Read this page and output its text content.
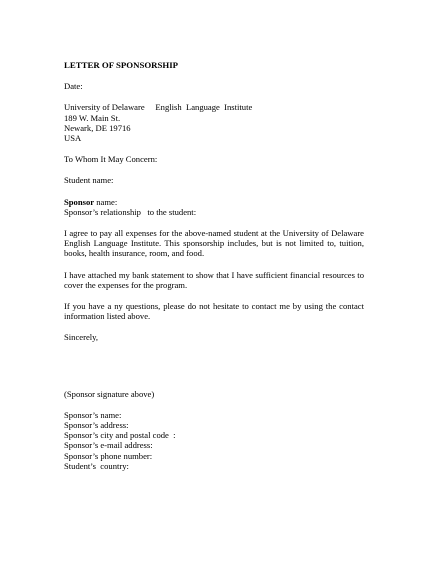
LETTER OF SPONSORSHIP

Date:

University of Delaware     English  Language  Institute

189 W. Main St.

Newark, DE 19716

USA

To Whom It May Concern:

Student name:

Sponsor name:

Sponsor’s relationship   to the student:

I agree to pay all expenses for the above-named student at the University of Delaware English Language Institute. This sponsorship includes, but is not limited to, tuition, books, health insurance, room, and food.

I have attached my bank statement to show that I have sufficient financial resources to cover the expenses for the program.

If you have a ny questions, please do not hesitate to contact me by using the contact information listed above.

Sincerely,

(Sponsor signature above)

Sponsor’s name:

Sponsor’s address:

Sponsor’s city and postal code  :

Sponsor’s e-mail address:

Sponsor’s phone number:

Student’s  country:
